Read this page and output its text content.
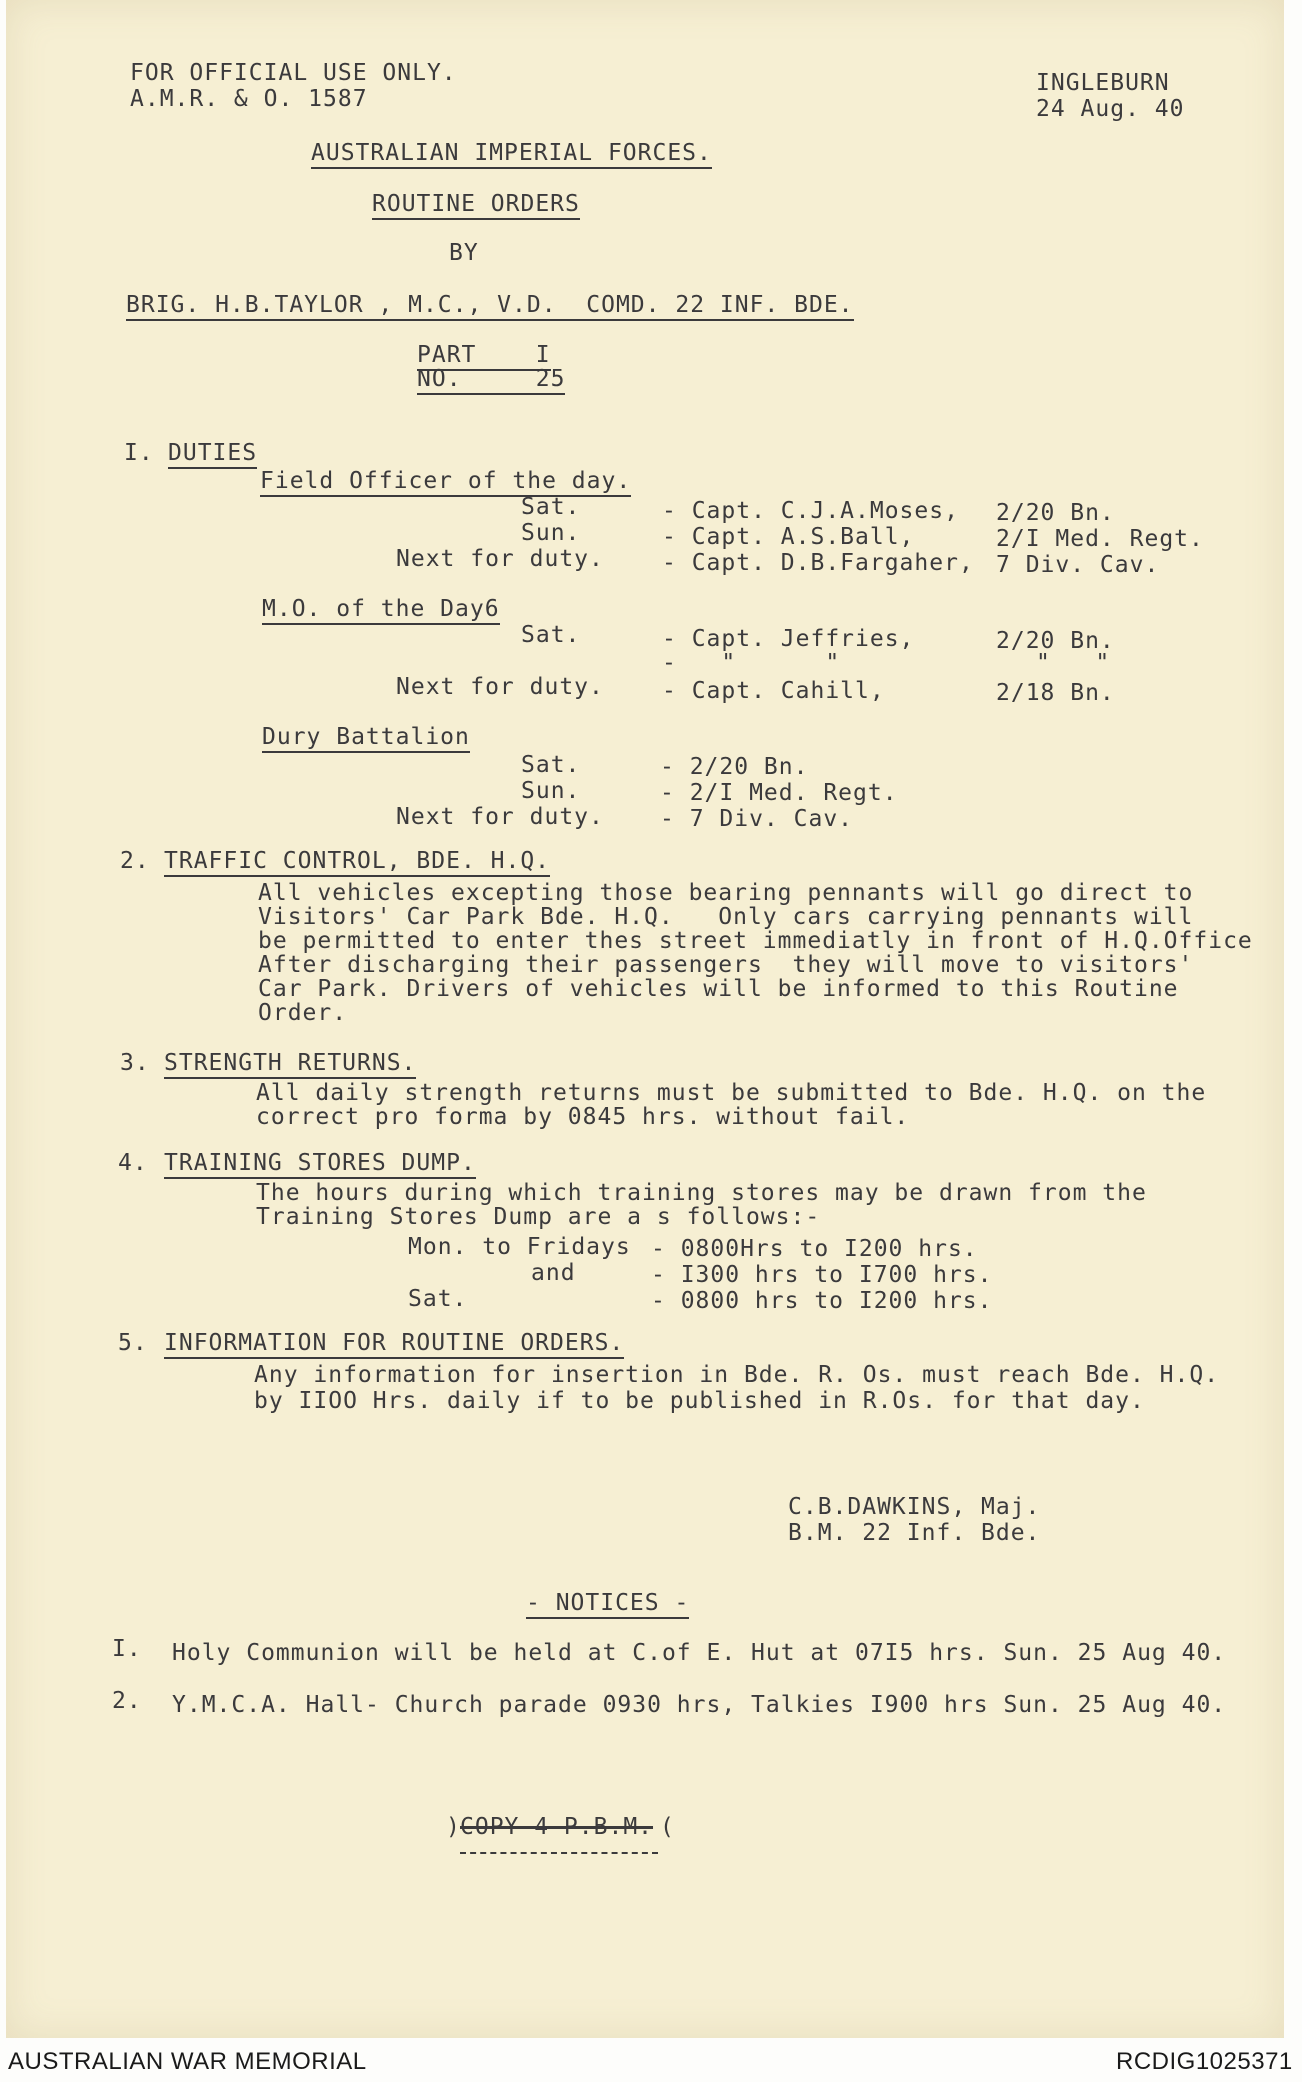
FOR OFFICIAL USE ONLY.
A.M.R. & O. 1587
INGLEBURN
24 Aug. 40
AUSTRALIAN IMPERIAL FORCES.
ROUTINE ORDERS
BY
BRIG. H.B.TAYLOR , M.C., V.D.  COMD. 22 INF. BDE.
PART    I
NO.     25
I. DUTIES
Field Officer of the day.
Sat.	- Capt. C.J.A.Moses, 2/20 Bn.
Sun.	- Capt. A.S.Ball,	2/I Med. Regt.
Next for duty.	- Capt. D.B.Fargaher, 7 Div. Cav.
M.O. of the Day6
Sat.	- Capt. Jeffries,	2/20 Bn.
-   "      "	"   "
Next for duty.	- Capt. Cahill,	2/18 Bn.
Dury Battalion
Sat.	- 2/20 Bn.
Sun.	- 2/I Med. Regt.
Next for duty. - 7 Div. Cav.
2. TRAFFIC CONTROL, BDE. H.Q.
All vehicles excepting those bearing pennants will go direct to
Visitors' Car Park Bde. H.Q.   Only cars carrying pennants will
be permitted to enter thes street immediatly in front of H.Q.Office
After discharging their passengers  they will move to visitors'
Car Park. Drivers of vehicles will be informed to this Routine
Order.
3. STRENGTH RETURNS.
All daily strength returns must be submitted to Bde. H.Q. on the
correct pro forma by 0845 hrs. without fail.
4. TRAINING STORES DUMP.
The hours during which training stores may be drawn from the
Training Stores Dump are a s follows:-
Mon. to Fridays - 0800Hrs to I200 hrs.
and	- I300 hrs to I700 hrs.
Sat.	- 0800 hrs to I200 hrs.
5. INFORMATION FOR ROUTINE ORDERS.
Any information for insertion in Bde. R. Os. must reach Bde. H.Q.
by IIOO Hrs. daily if to be published in R.Os. for that day.
C.B.DAWKINS, Maj.
B.M. 22 Inf. Bde.
- NOTICES -
I. Holy Communion will be held at C.of E. Hut at 07I5 hrs. Sun. 25 Aug 40.
2. Y.M.C.A. Hall- Church parade 0930 hrs, Talkies I900 hrs Sun. 25 Aug 40.
) COPY 4 P.B.M. (
AUSTRALIAN WAR MEMORIAL	RCDIG1025371
